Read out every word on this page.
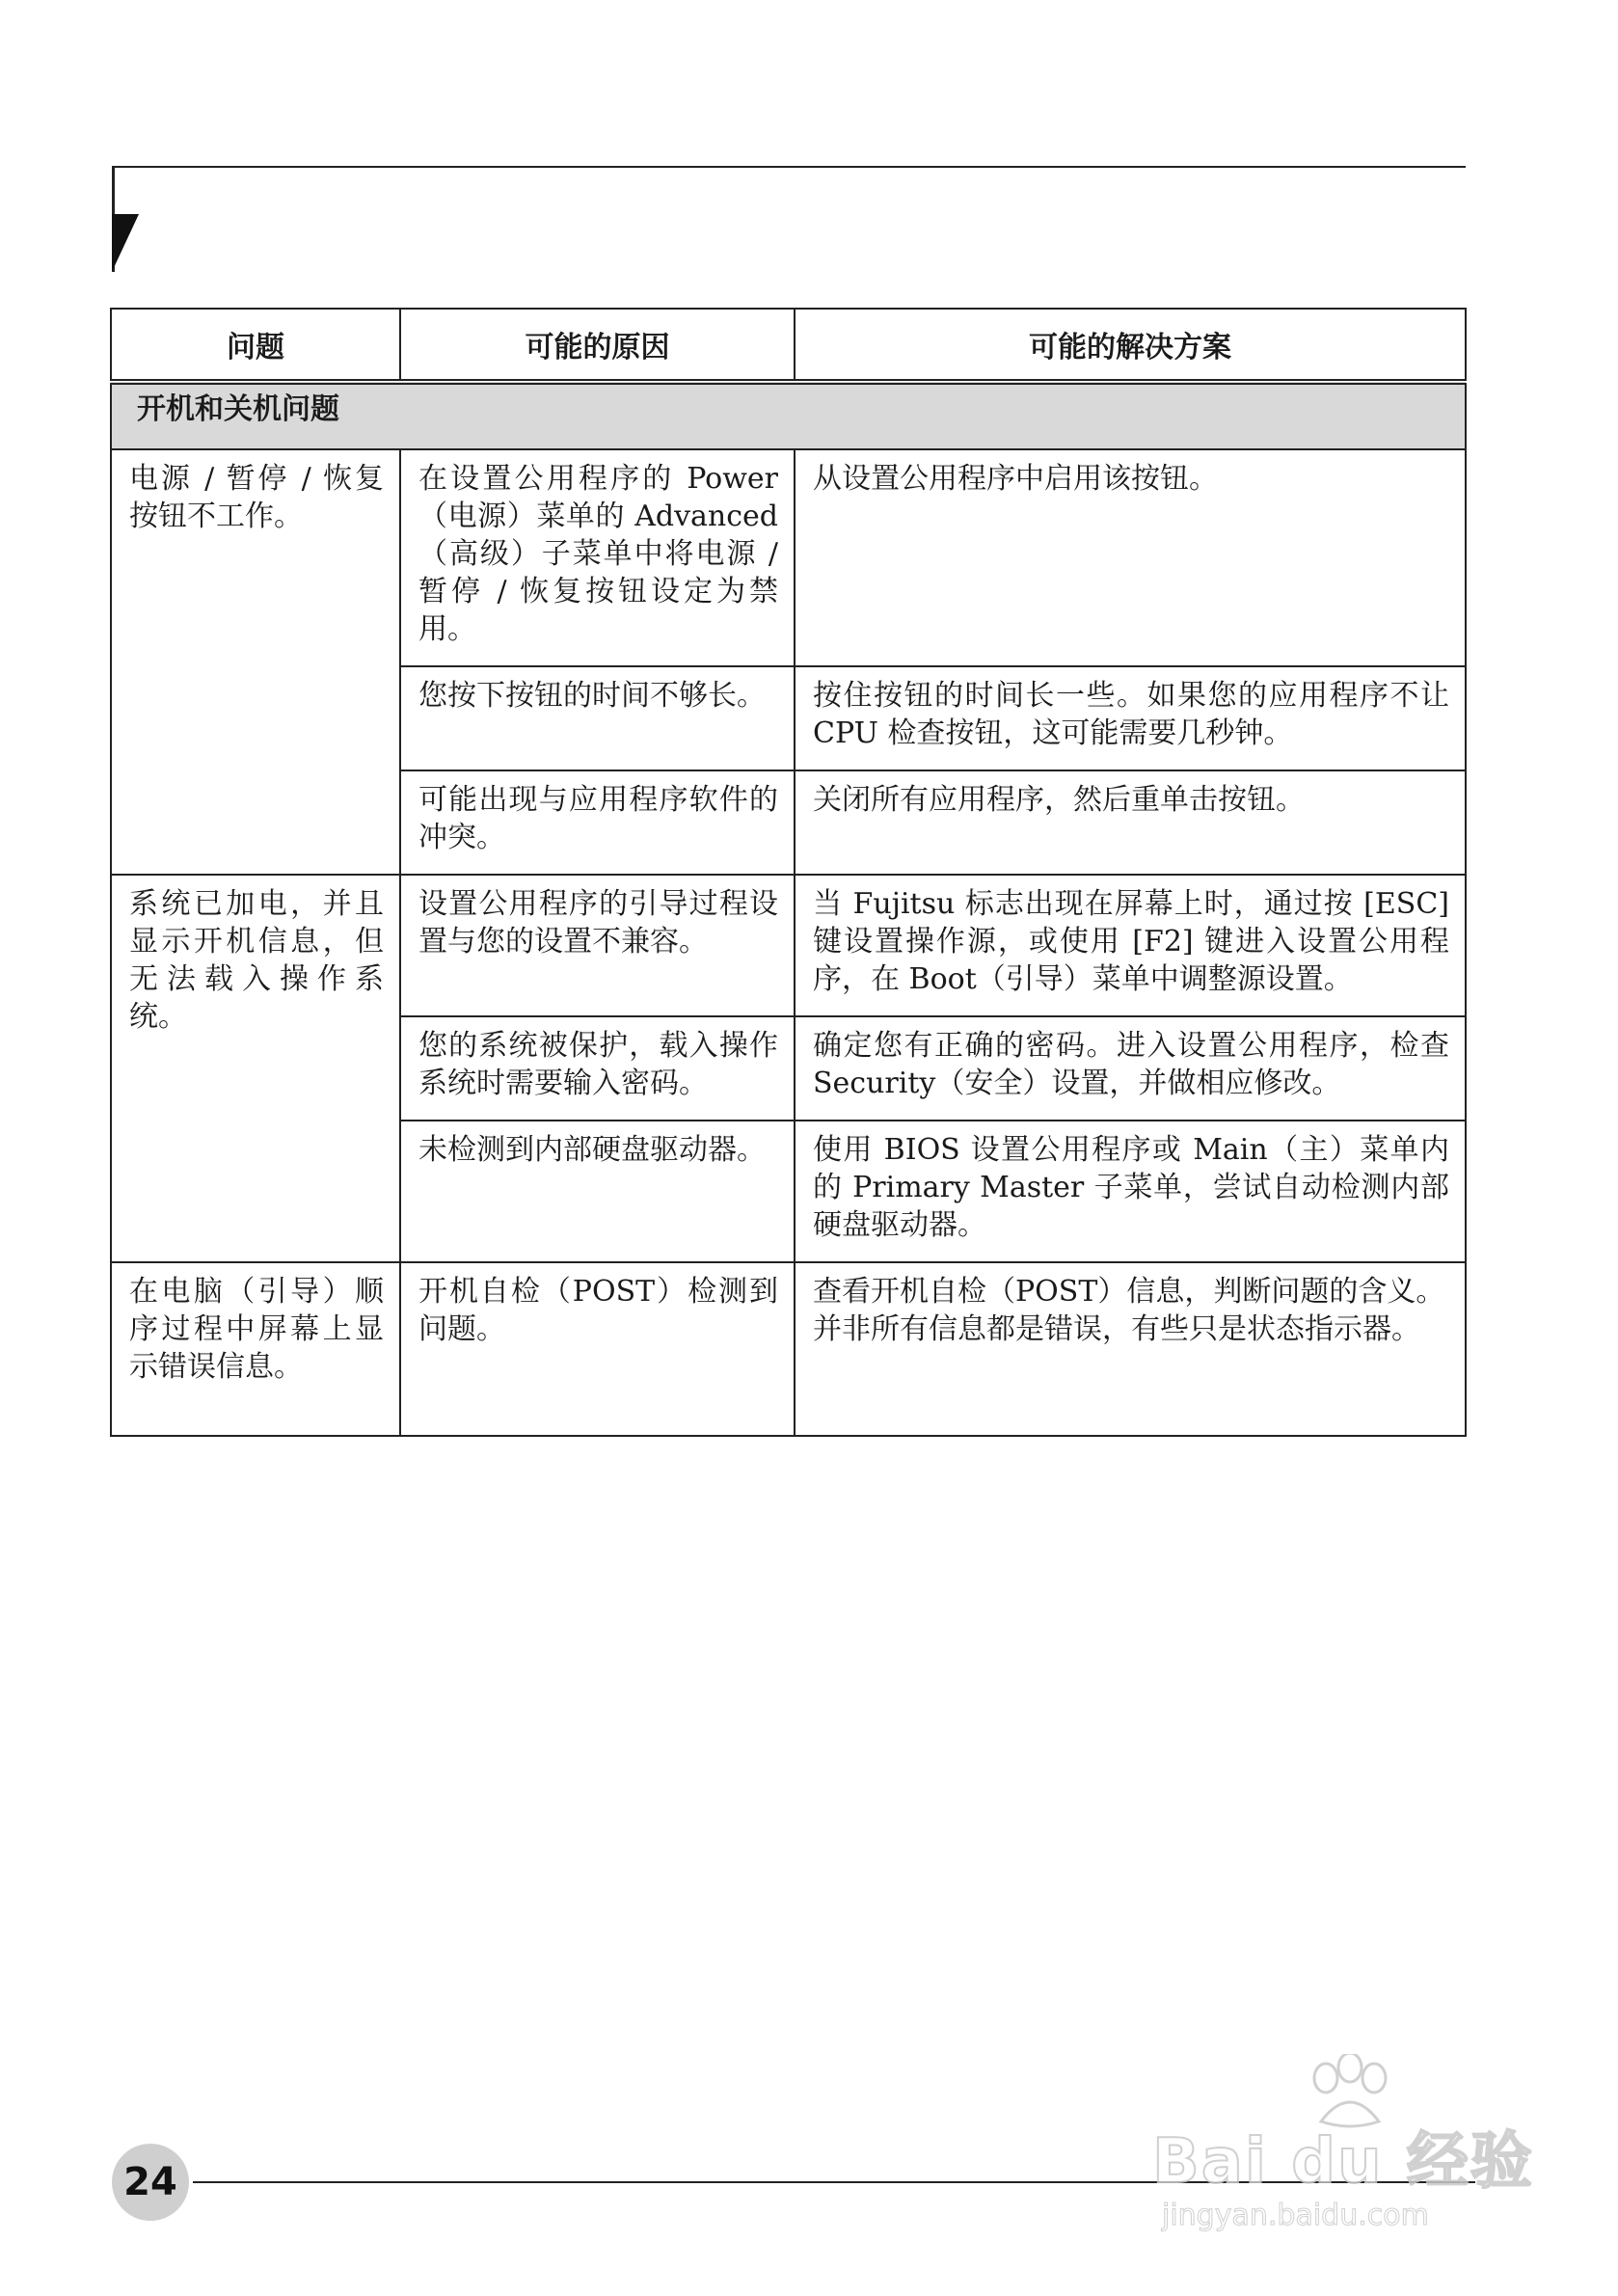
问题	可能的原因	可能的解决方案
开机和关机问题		
电源 / 暂停 / 恢复按钮不工作。	在设置公用程序的 Power（电源）菜单的 Advanced（高级）子菜单中将电源 / 暂停 / 恢复按钮设定为禁用。	从设置公用程序中启用该按钮。
	您按下按钮的时间不够长。	按住按钮的时间长一些。如果您的应用程序不让 CPU 检查按钮，这可能需要几秒钟。
	可能出现与应用程序软件的冲突。	关闭所有应用程序，然后重单击按钮。
系统已加电，并且显示开机信息，但无法载入操作系统。	设置公用程序的引导过程设置与您的设置不兼容。	当 Fujitsu 标志出现在屏幕上时，通过按 [ESC] 键设置操作源，或使用 [F2] 键进入设置公用程序，在 Boot（引导）菜单中调整源设置。
	您的系统被保护，载入操作系统时需要输入密码。	确定您有正确的密码。进入设置公用程序，检查 Security（安全）设置，并做相应修改。
	未检测到内部硬盘驱动器。	使用 BIOS 设置公用程序或 Main（主）菜单内的 Primary Master 子菜单，尝试自动检测内部硬盘驱动器。
在电脑（引导）顺序过程中屏幕上显示错误信息。	开机自检（POST）检测到问题。	查看开机自检（POST）信息，判断问题的含义。
并非所有信息都是错误，有些只是状态指示器。
24	Bai du 经验
jingyan.baidu.com
